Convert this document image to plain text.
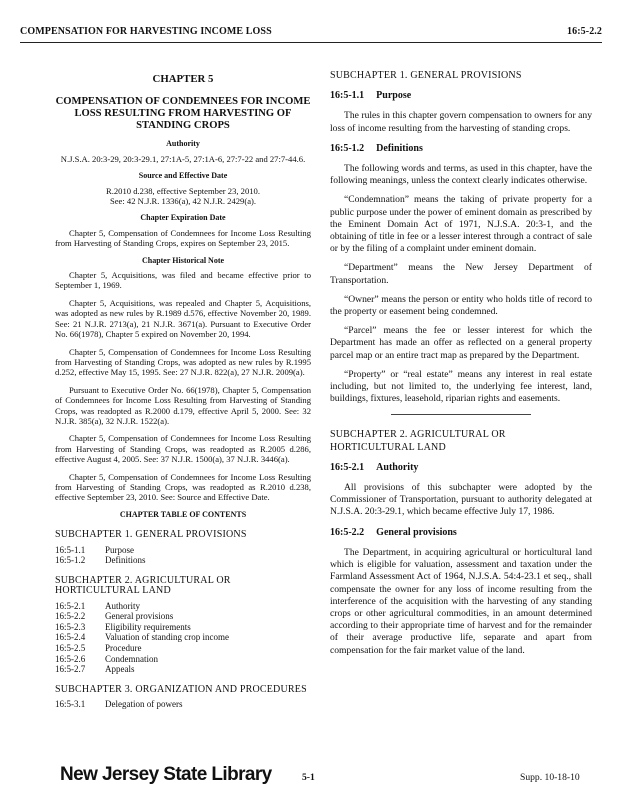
COMPENSATION FOR HARVESTING INCOME LOSS	16:5-2.2
CHAPTER 5
COMPENSATION OF CONDEMNEES FOR INCOME LOSS RESULTING FROM HARVESTING OF STANDING CROPS
Authority

N.J.S.A. 20:3-29, 20:3-29.1, 27:1A-5, 27:1A-6, 27:7-22 and 27:7-44.6.

Source and Effective Date
R.2010 d.238, effective September 23, 2010.

See: 42 N.J.R. 1336(a), 42 N.J.R. 2429(a).

Chapter Expiration Date

Chapter 5, Compensation of Condemnees for Income Loss Resulting from Harvesting of Standing Crops, expires on September 23, 2015.

Chapter Historical Note

Chapter 5, Acquisitions, was filed and became effective prior to September 1, 1969.

Chapter 5, Acquisitions, was repealed and Chapter 5, Acquisitions, was adopted as new rules by R.1989 d.576, effective November 20, 1989. See: 21 N.J.R. 2713(a), 21 N.J.R. 3671(a). Pursuant to Executive Order No. 66(1978), Chapter 5 expired on November 20, 1994.

Chapter 5, Compensation of Condemnees for Income Loss Resulting from Harvesting of Standing Crops, was adopted as new rules by R.1995 d.252, effective May 15, 1995. See: 27 N.J.R. 822(a), 27 N.J.R. 2009(a).

Pursuant to Executive Order No. 66(1978), Chapter 5, Compensation of Condemnees for Income Loss Resulting from Harvesting of Standing Crops, was readopted as R.2000 d.179, effective April 5, 2000. See: 32 N.J.R. 385(a), 32 N.J.R. 1522(a).

Chapter 5, Compensation of Condemnees for Income Loss Resulting from Harvesting of Standing Crops, was readopted as R.2005 d.286, effective August 4, 2005. See: 37 N.J.R. 1500(a), 37 N.J.R. 3446(a).

Chapter 5, Compensation of Condemnees for Income Loss Resulting from Harvesting of Standing Crops, was readopted as R.2010 d.238, effective September 23, 2010. See: Source and Effective Date.

CHAPTER TABLE OF CONTENTS
SUBCHAPTER 1. GENERAL PROVISIONS
16:5-1.1	Purpose
16:5-1.2	Definitions
SUBCHAPTER 2. AGRICULTURAL OR HORTICULTURAL LAND
16:5-2.1	Authority
16:5-2.2	General provisions
16:5-2.3	Eligibility requirements
16:5-2.4	Valuation of standing crop income
16:5-2.5	Procedure
16:5-2.6	Condemnation
16:5-2.7	Appeals
SUBCHAPTER 3. ORGANIZATION AND PROCEDURES
16:5-3.1	Delegation of powers
SUBCHAPTER 1. GENERAL PROVISIONS
16:5-1.1 Purpose

The rules in this chapter govern compensation to owners for any loss of income resulting from the harvesting of standing crops.

16:5-1.2 Definitions

The following words and terms, as used in this chapter, have the following meanings, unless the context clearly indicates otherwise.

“Condemnation” means the taking of private property for a public purpose under the power of eminent domain as prescribed by the Eminent Domain Act of 1971, N.J.S.A. 20:3-1, and the obtaining of title in fee or a lesser interest through a contract of sale or by the filing of a complaint under eminent domain.

“Department” means the New Jersey Department of Transportation.

“Owner” means the person or entity who holds title of record to the property or easement being condemned.

“Parcel” means the fee or lesser interest for which the Department has made an offer as reflected on a general property parcel map or an entire tract map as prepared by the Department.

“Property” or “real estate” means any interest in real estate including, but not limited to, the underlying fee interest, land, buildings, fixtures, leasehold, riparian rights and easements.

SUBCHAPTER 2. AGRICULTURAL OR HORTICULTURAL LAND
16:5-2.1 Authority

All provisions of this subchapter were adopted by the Commissioner of Transportation, pursuant to authority delegated at N.J.S.A. 20:3-29.1, which became effective July 17, 1986.

16:5-2.2 General provisions

The Department, in acquiring agricultural or horticultural land which is eligible for valuation, assessment and taxation under the Farmland Assessment Act of 1964, N.J.S.A. 54:4-23.1 et seq., shall compensate the owner for any loss of income resulting from the interference of the acquisition with the harvesting of any standing crops or other agricultural commodities, in an amount determined according to their appropriate time of harvest and for the remainder of their average productive life, separate and apart from compensation for the fair market value of the land.

New Jersey State Library	5-1	Supp. 10-18-10
